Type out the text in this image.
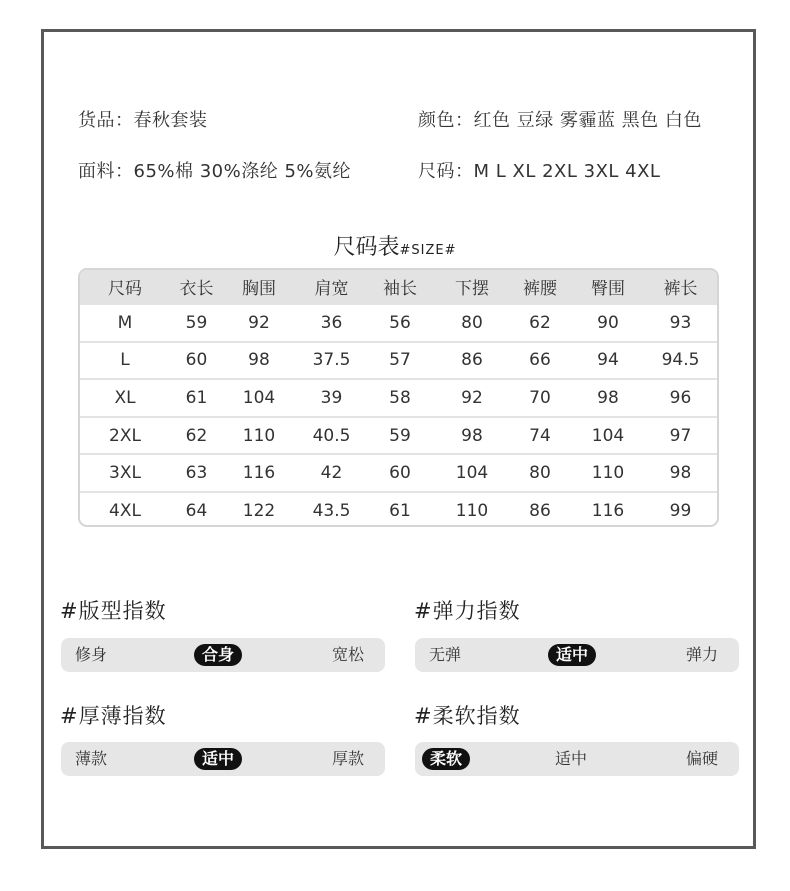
货品：春秋套装	颜色：红色 豆绿 雾霾蓝 黑色 白色
面料：65%棉 30%涤纶 5%氨纶	尺码：M L XL 2XL 3XL 4XL
尺码表#SIZE#
尺码	衣长	胸围	肩宽	袖长	下摆	裤腰	臀围	裤长
M	59	92	36	56	80	62	90	93
L	60	98	37.5	57	86	66	94	94.5
XL	61	104	39	58	92	70	98	96
2XL	62	110	40.5	59	98	74	104	97
3XL	63	116	42	60	104	80	110	98
4XL	64	122	43.5	61	110	86	116	99
#版型指数
修身	合身	宽松
#弹力指数
无弹	适中	弹力
#厚薄指数
薄款	适中	厚款
#柔软指数
柔软	适中	偏硬
